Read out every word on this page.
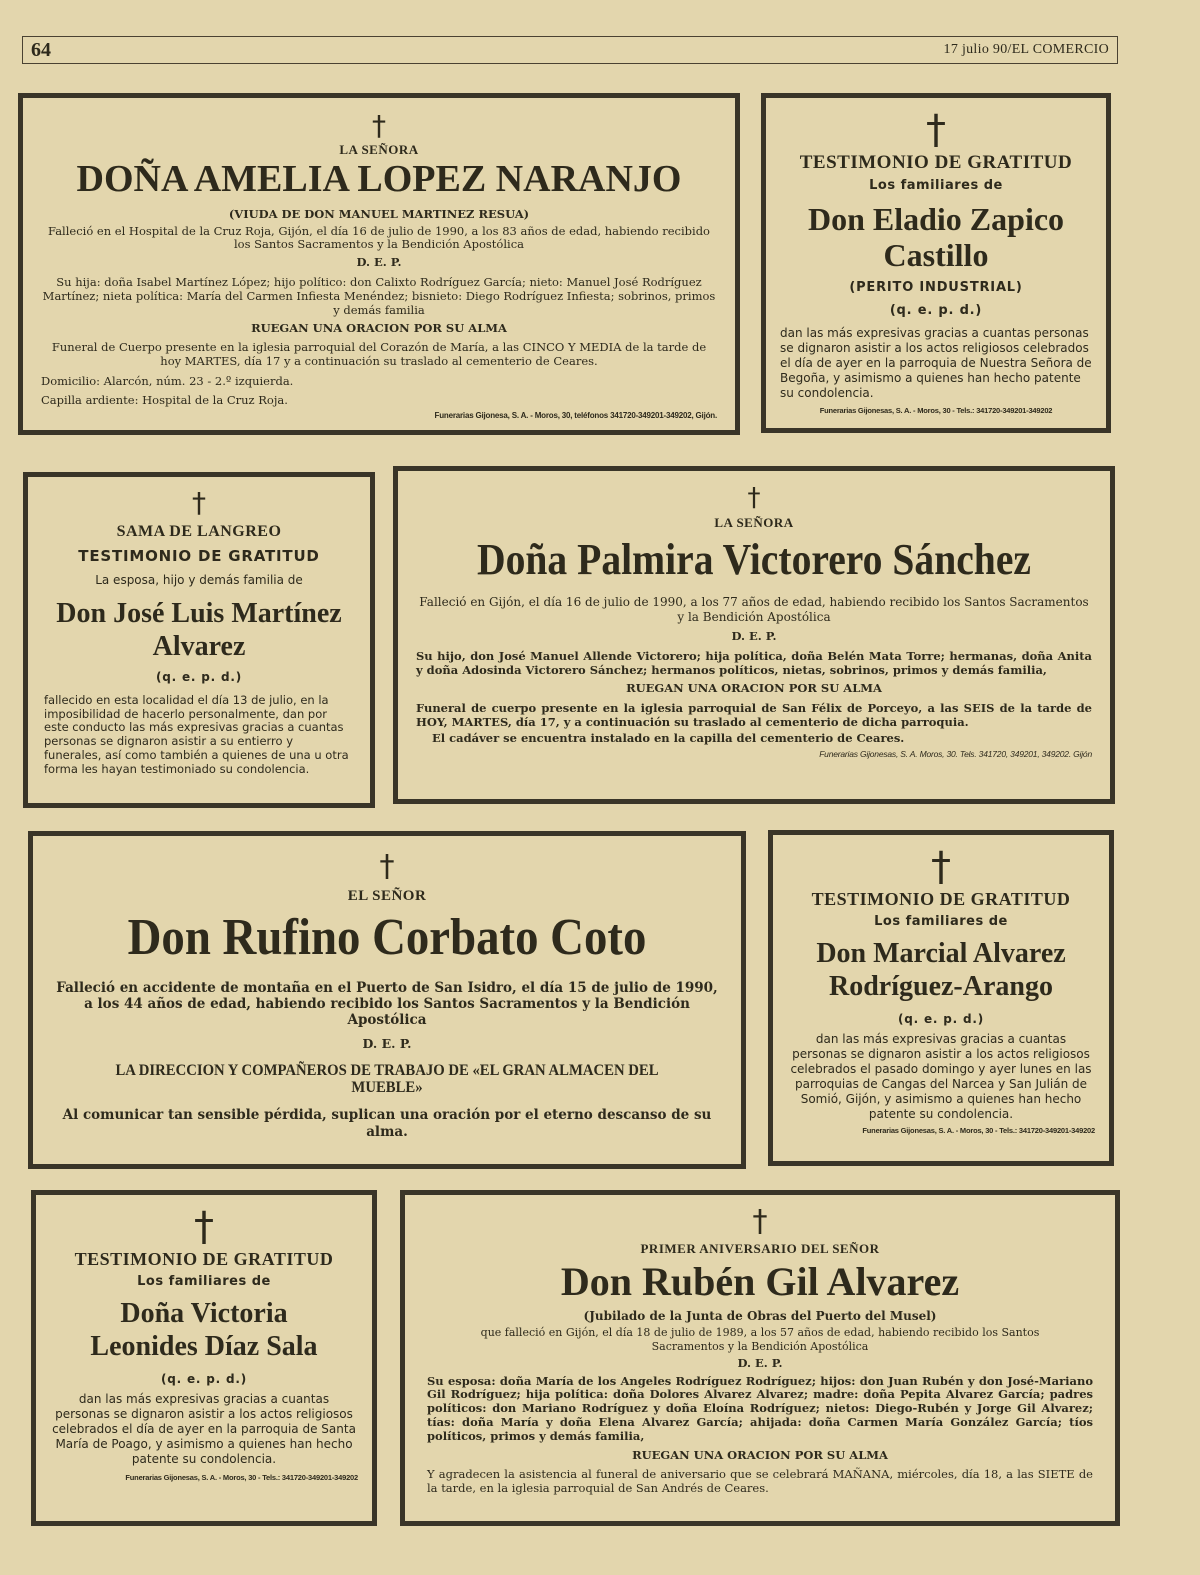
64	17 julio 90/EL COMERCIO
†

LA SEÑORA

DOÑA AMELIA LOPEZ NARANJO

(VIUDA DE DON MANUEL MARTINEZ RESUA)

Falleció en el Hospital de la Cruz Roja, Gijón, el día 16 de julio de 1990, a los 83 años de edad, habiendo recibido los Santos Sacramentos y la Bendición Apostólica

D. E. P.

Su hija: doña Isabel Martínez López; hijo político: don Calixto Rodríguez García; nieto: Manuel José Rodríguez Martínez; nieta política: María del Carmen Infiesta Menéndez; bisnieto: Diego Rodríguez Infiesta; sobrinos, primos y demás familia

RUEGAN UNA ORACION POR SU ALMA

Funeral de Cuerpo presente en la iglesia parroquial del Corazón de María, a las CINCO Y MEDIA de la tarde de hoy MARTES, día 17 y a continuación su traslado al cementerio de Ceares.

Domicilio: Alarcón, núm. 23 - 2.º izquierda.

Capilla ardiente: Hospital de la Cruz Roja.

Funerarias Gijonesa, S. A. - Moros, 30, teléfonos 341720-349201-349202, Gijón.

†

TESTIMONIO DE GRATITUD

Los familiares de

Don Eladio Zapico

Castillo

(PERITO INDUSTRIAL)

(q. e. p. d.)

dan las más expresivas gracias a cuantas personas se dignaron asistir a los actos religiosos celebrados el día de ayer en la parroquia de Nuestra Señora de Begoña, y asimismo a quienes han hecho patente su condolencia.

Funerarias Gijonesas, S. A. - Moros, 30 - Tels.: 341720-349201-349202

†

SAMA DE LANGREO

TESTIMONIO DE GRATITUD

La esposa, hijo y demás familia de

Don José Luis Martínez

Alvarez

(q. e. p. d.)

fallecido en esta localidad el día 13 de julio, en la imposibilidad de hacerlo personalmente, dan por este conducto las más expresivas gracias a cuantas personas se dignaron asistir a su entierro y funerales, así como también a quienes de una u otra forma les hayan testimoniado su condolencia.

†

LA SEÑORA

Doña Palmira Victorero Sánchez

Falleció en Gijón, el día 16 de julio de 1990, a los 77 años de edad, habiendo recibido los Santos Sacramentos y la Bendición Apostólica

D. E. P.

Su hijo, don José Manuel Allende Victorero; hija política, doña Belén Mata Torre; hermanas, doña Anita y doña Adosinda Victorero Sánchez; hermanos políticos, nietas, sobrinos, primos y demás familia,

RUEGAN UNA ORACION POR SU ALMA

Funeral de cuerpo presente en la iglesia parroquial de San Félix de Porceyo, a las SEIS de la tarde de HOY, MARTES, día 17, y a continuación su traslado al cementerio de dicha parroquia.

El cadáver se encuentra instalado en la capilla del cementerio de Ceares.

Funerarias Gijonesas, S. A. Moros, 30. Tels. 341720, 349201, 349202. Gijón

†

EL SEÑOR

Don Rufino Corbato Coto

Falleció en accidente de montaña en el Puerto de San Isidro, el día 15 de julio de 1990, a los 44 años de edad, habiendo recibido los Santos Sacramentos y la Bendición Apostólica

D. E. P.

LA DIRECCION Y COMPAÑEROS DE TRABAJO DE «EL GRAN ALMACEN DEL MUEBLE»

Al comunicar tan sensible pérdida, suplican una oración por el eterno descanso de su alma.

†

TESTIMONIO DE GRATITUD

Los familiares de

Don Marcial Alvarez

Rodríguez-Arango

(q. e. p. d.)

dan las más expresivas gracias a cuantas personas se dignaron asistir a los actos religiosos celebrados el pasado domingo y ayer lunes en las parroquias de Cangas del Narcea y San Julián de Somió, Gijón, y asimismo a quienes han hecho patente su condolencia.

Funerarias Gijonesas, S. A. - Moros, 30 - Tels.: 341720-349201-349202

†

TESTIMONIO DE GRATITUD

Los familiares de

Doña Victoria

Leonides Díaz Sala

(q. e. p. d.)

dan las más expresivas gracias a cuantas personas se dignaron asistir a los actos religiosos celebrados el día de ayer en la parroquia de Santa María de Poago, y asimismo a quienes han hecho patente su condolencia.

Funerarias Gijonesas, S. A. - Moros, 30 - Tels.: 341720-349201-349202

†

PRIMER ANIVERSARIO DEL SEÑOR

Don Rubén Gil Alvarez

(Jubilado de la Junta de Obras del Puerto del Musel)

que falleció en Gijón, el día 18 de julio de 1989, a los 57 años de edad, habiendo recibido los Santos Sacramentos y la Bendición Apostólica

D. E. P.

Su esposa: doña María de los Angeles Rodríguez Rodríguez; hijos: don Juan Rubén y don José-Mariano Gil Rodríguez; hija política: doña Dolores Alvarez Alvarez; madre: doña Pepita Alvarez García; padres políticos: don Mariano Rodríguez y doña Eloína Rodríguez; nietos: Diego-Rubén y Jorge Gil Alvarez; tías: doña María y doña Elena Alvarez García; ahijada: doña Carmen María González García; tíos políticos, primos y demás familia,

RUEGAN UNA ORACION POR SU ALMA

Y agradecen la asistencia al funeral de aniversario que se celebrará MAÑANA, miércoles, día 18, a las SIETE de la tarde, en la iglesia parroquial de San Andrés de Ceares.
